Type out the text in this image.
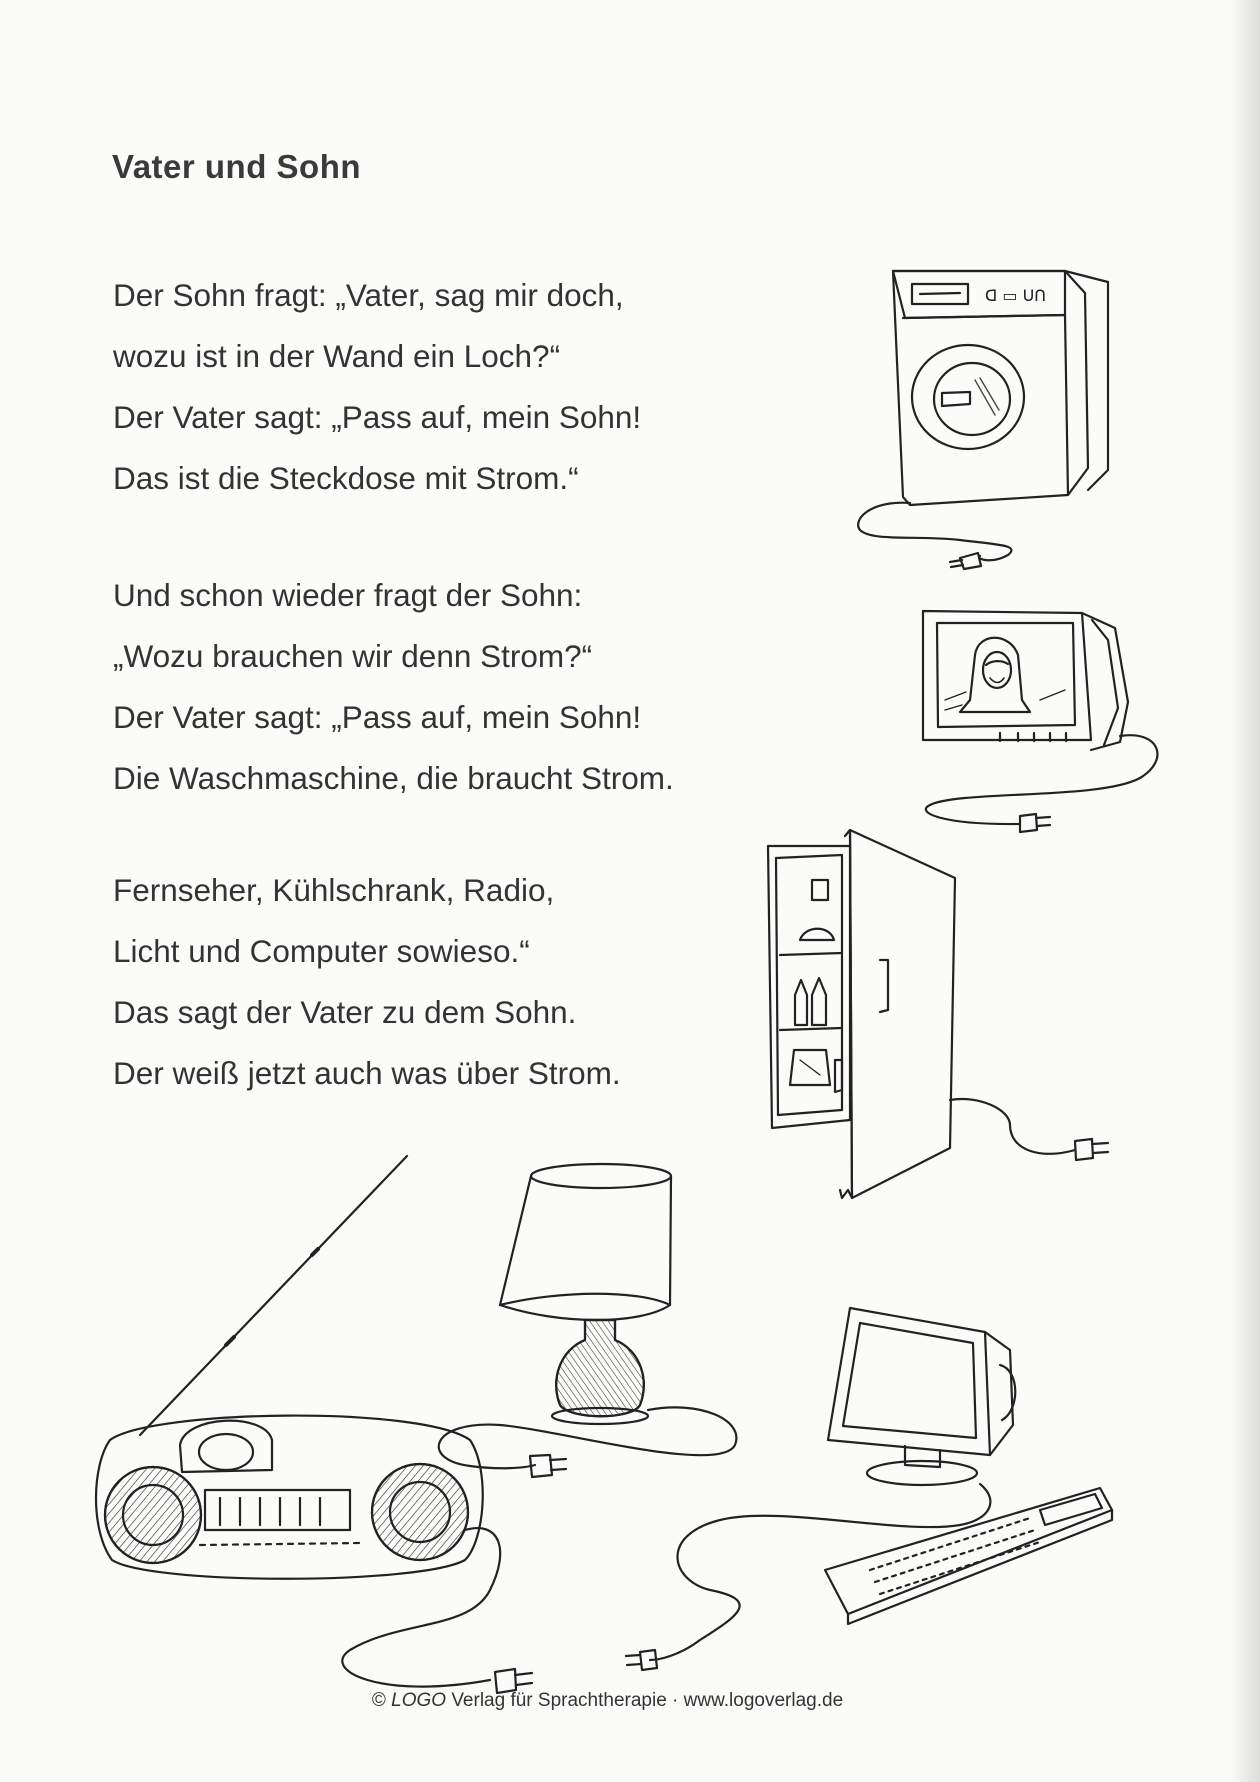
Vater und Sohn
Der Sohn fragt: „Vater, sag mir doch,
wozu ist in der Wand ein Loch?“
Der Vater sagt: „Pass auf, mein Sohn!
Das ist die Steckdose mit Strom.“
Und schon wieder fragt der Sohn:
„Wozu brauchen wir denn Strom?“
Der Vater sagt: „Pass auf, mein Sohn!
Die Waschmaschine, die braucht Strom.
Fernseher, Kühlschrank, Radio,
Licht und Computer sowieso.“
Das sagt der Vater zu dem Sohn.
Der weiß jetzt auch was über Strom.
ᗡ ▭ ᑌᑎ
© LOGO Verlag für Sprachtherapie · www.logoverlag.de
